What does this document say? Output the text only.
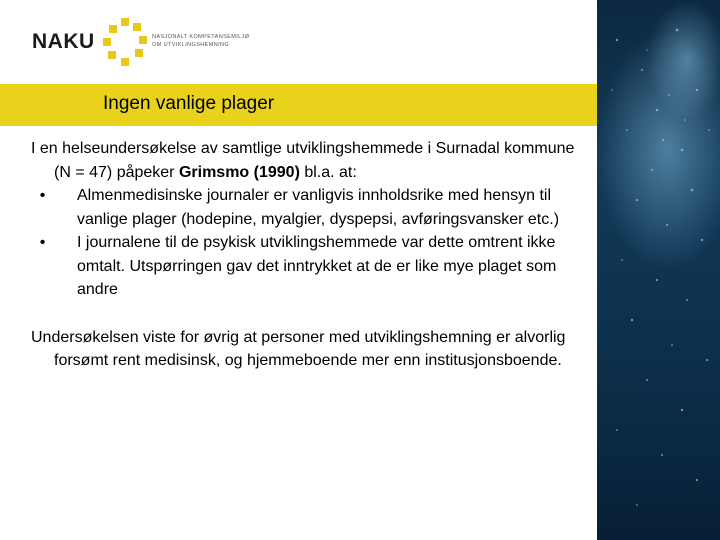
NAKU	NASJONALT KOMPETANSEMILJØ
OM UTVIKLINGSHEMNING
Ingen vanlige plager

I en helseundersøkelse av samtlige utviklingshemmede i Surnadal kommune (N = 47) påpeker Grimsmo (1990) bl.a. at:

•	Almenmedisinske journaler er vanligvis innholdsrike med hensyn til vanlige plager (hodepine, myalgier, dyspepsi, avføringsvansker etc.)
•	I journalene til de psykisk utviklingshemmede var dette omtrent ikke omtalt. Utspørringen gav det inntrykket at de er like mye plaget som andre

Undersøkelsen viste for øvrig at personer med utviklingshemning er alvorlig forsømt rent medisinsk, og hjemmeboende mer enn institusjonsboende.
